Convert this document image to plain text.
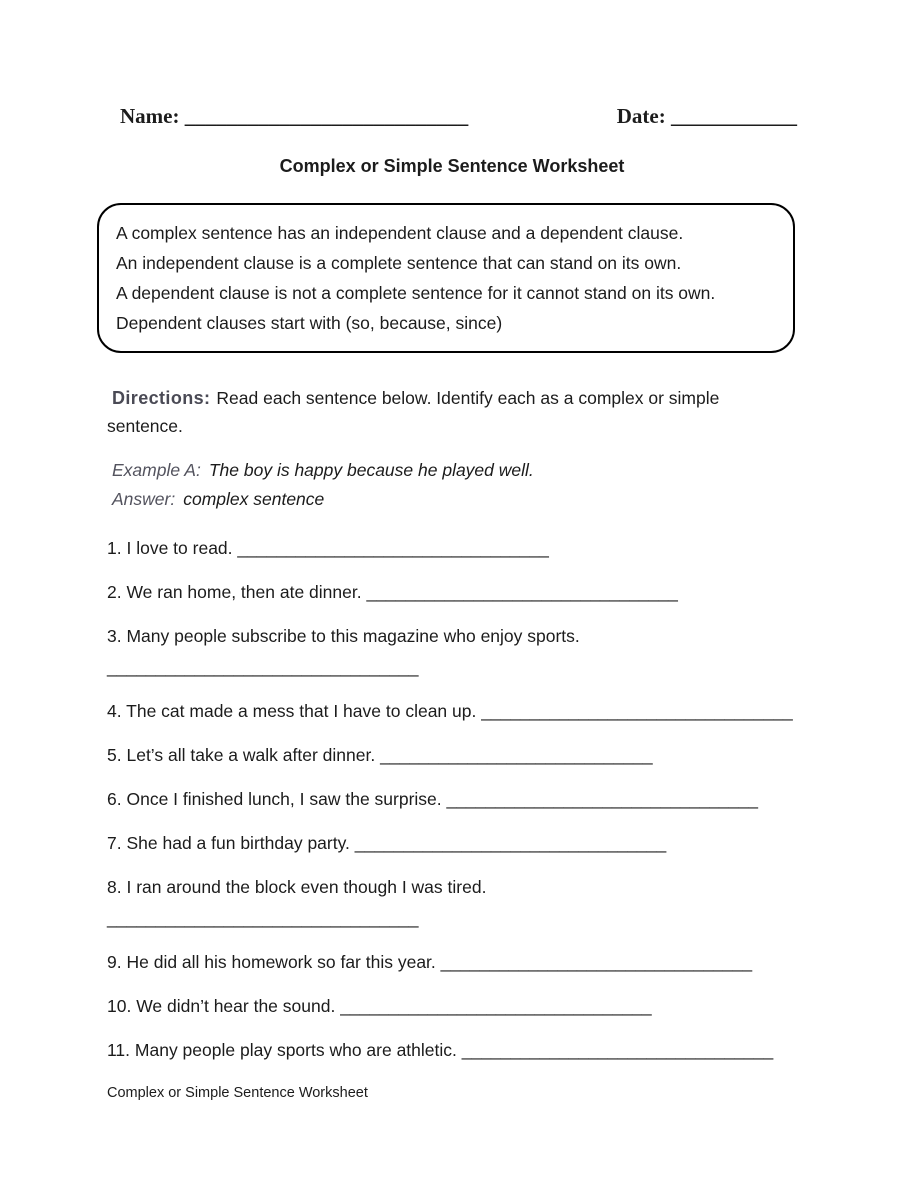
Name: ___________________________	Date: ____________
Complex or Simple Sentence Worksheet
A complex sentence has an independent clause and a dependent clause.
An independent clause is a complete sentence that can stand on its own.
A dependent clause is not a complete sentence for it cannot stand on its own.
Dependent clauses start with (so, because, since)
Directions: Read each sentence below. Identify each as a complex or simple sentence.
Example A: The boy is happy because he played well.
Answer: complex sentence
1. I love to read. ________________________________
2. We ran home, then ate dinner. ________________________________
3. Many people subscribe to this magazine who enjoy sports.
________________________________
4. The cat made a mess that I have to clean up. ________________________________
5. Let’s all take a walk after dinner. ____________________________
6. Once I finished lunch, I saw the surprise. ________________________________
7. She had a fun birthday party. ________________________________
8. I ran around the block even though I was tired.
________________________________
9. He did all his homework so far this year. ________________________________
10. We didn’t hear the sound. ________________________________
11. Many people play sports who are athletic. ________________________________
Complex or Simple Sentence Worksheet
